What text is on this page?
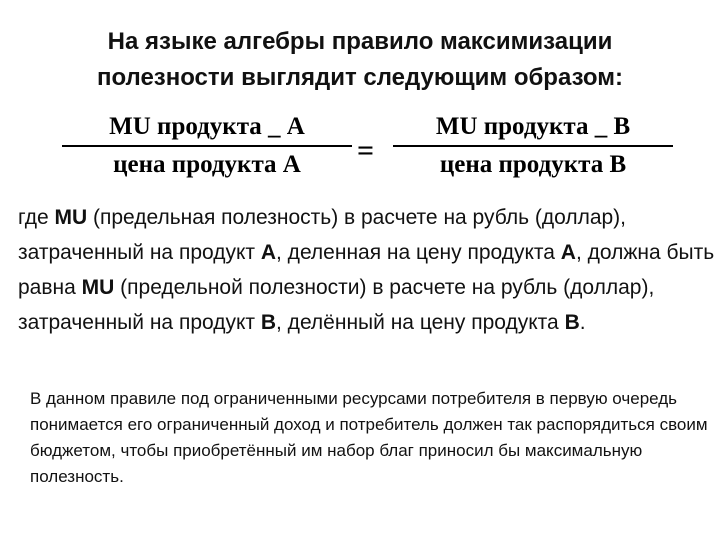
На языке алгебры правило максимизации
полезности выглядит следующим образом:
MU продукта _ A
цена продукта A	=
MU продукта _ B
цена продукта B
где MU (предельная полезность) в расчете на рубль (доллар), затраченный на продукт A, деленная на цену продукта A, должна быть равна MU (предельной полезности) в расчете на рубль (доллар), затраченный на продукт B, делённый на цену продукта B.
В данном правиле под ограниченными ресурсами потребителя в первую очередь понимается его ограниченный доход и потребитель должен так распорядиться своим бюджетом, чтобы приобретённый им набор благ приносил бы максимальную полезность.
